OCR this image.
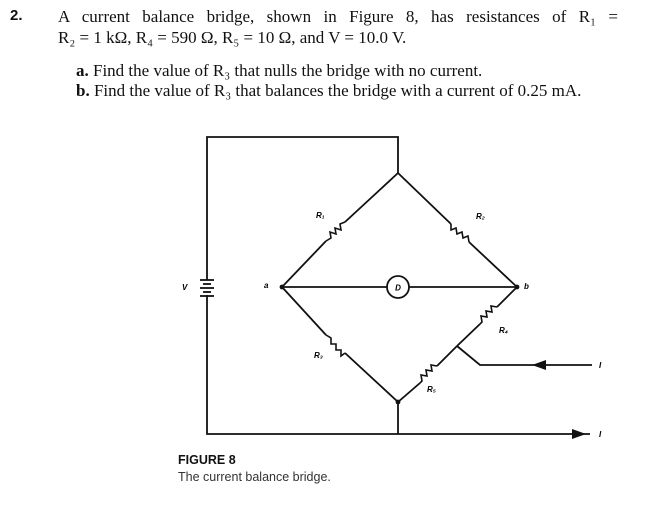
2. A current balance bridge, shown in Figure 8, has resistances of R₁ =
R₂ = 1 kΩ, R₄ = 590 Ω, R₅ = 10 Ω, and V = 10.0 V.
a. Find the value of R₃ that nulls the bridge with no current.
b. Find the value of R₃ that balances the bridge with a current of 0.25 mA.
D
V	a	b
R₁	R₂
R₃
R₄
R₅
I
I
FIGURE 8
The current balance bridge.
